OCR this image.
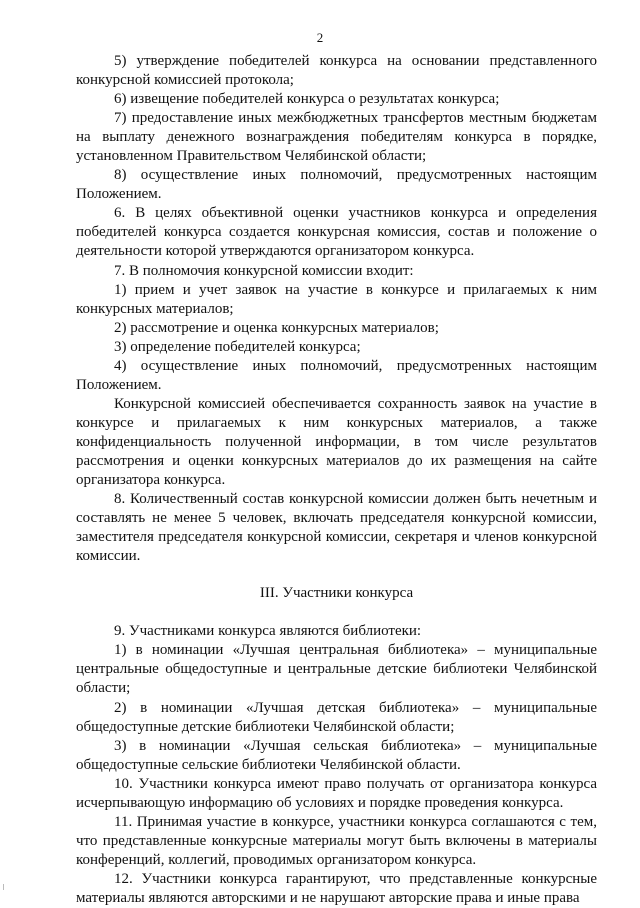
2

5) утверждение победителей конкурса на основании представленного конкурсной комиссией протокола;

6) извещение победителей конкурса о результатах конкурса;

7) предоставление иных межбюджетных трансфертов местным бюджетам на выплату денежного вознаграждения победителям конкурса в порядке, установленном Правительством Челябинской области;

8) осуществление иных полномочий, предусмотренных настоящим Положением.

6. В целях объективной оценки участников конкурса и определения победителей конкурса создается конкурсная комиссия, состав и положение о деятельности которой утверждаются организатором конкурса.

7. В полномочия конкурсной комиссии входит:

1) прием и учет заявок на участие в конкурсе и прилагаемых к ним конкурсных материалов;

2) рассмотрение и оценка конкурсных материалов;

3) определение победителей конкурса;

4) осуществление иных полномочий, предусмотренных настоящим Положением.

Конкурсной комиссией обеспечивается сохранность заявок на участие в конкурсе и прилагаемых к ним конкурсных материалов, а также конфиденциальность полученной информации, в том числе результатов рассмотрения и оценки конкурсных материалов до их размещения на сайте организатора конкурса.

8. Количественный состав конкурсной комиссии должен быть нечетным и составлять не менее 5 человек, включать председателя конкурсной комиссии, заместителя председателя конкурсной комиссии, секретаря и членов конкурсной комиссии.

III. Участники конкурса

9. Участниками конкурса являются библиотеки:

1) в номинации «Лучшая центральная библиотека» – муниципальные центральные общедоступные и центральные детские библиотеки Челябинской области;

2) в номинации «Лучшая детская библиотека» – муниципальные общедоступные детские библиотеки Челябинской области;

3) в номинации «Лучшая сельская библиотека» – муниципальные общедоступные сельские библиотеки Челябинской области.

10. Участники конкурса имеют право получать от организатора конкурса исчерпывающую информацию об условиях и порядке проведения конкурса.

11. Принимая участие в конкурсе, участники конкурса соглашаются с тем, что представленные конкурсные материалы могут быть включены в материалы конференций, коллегий, проводимых организатором конкурса.

12. Участники конкурса гарантируют, что представленные конкурсные материалы являются авторскими и не нарушают авторские права и иные права
